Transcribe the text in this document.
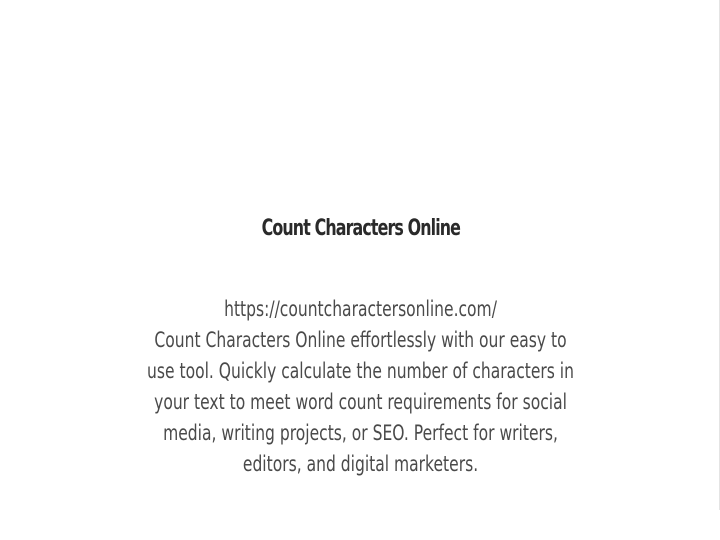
Count Characters Online
https://countcharactersonline.com/
Count Characters Online effortlessly with our easy to
use tool. Quickly calculate the number of characters in
your text to meet word count requirements for social
media, writing projects, or SEO. Perfect for writers,
editors, and digital marketers.
